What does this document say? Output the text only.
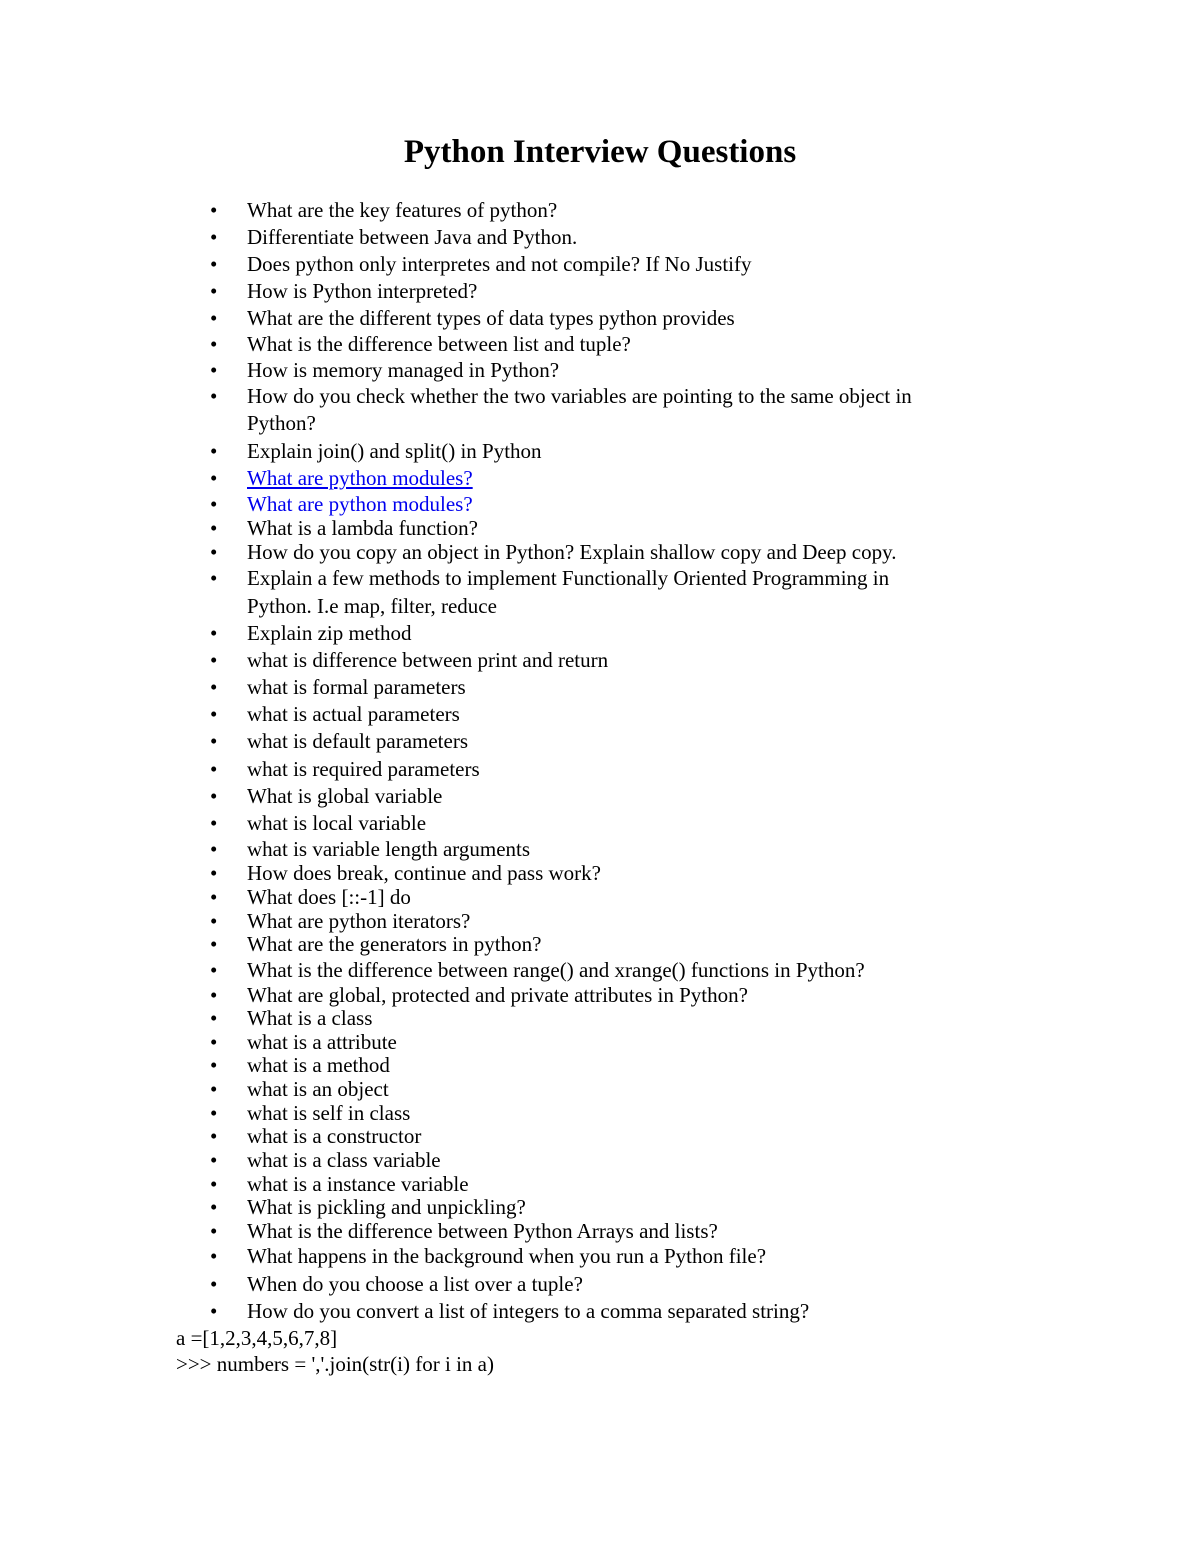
Python Interview Questions
• What are the key features of python?
• Differentiate between Java and Python.
• Does python only interpretes and not compile? If No Justify
• How is Python interpreted?
• What are the different types of data types python provides
• What is the difference between list and tuple?
• How is memory managed in Python?
• How do you check whether the two variables are pointing to the same object in
Python?
• Explain join() and split() in Python
• What are python modules?
• What are python modules?
• What is a lambda function?
• How do you copy an object in Python? Explain shallow copy and Deep copy.
• Explain a few methods to implement Functionally Oriented Programming in
Python. I.e map, filter, reduce
• Explain zip method
• what is difference between print and return
• what is formal parameters
• what is actual parameters
• what is default parameters
• what is required parameters
• What is global variable
• what is local variable
• what is variable length arguments
• How does break, continue and pass work?
• What does [::-1] do
• What are python iterators?
• What are the generators in python?
• What is the difference between range() and xrange() functions in Python?
• What are global, protected and private attributes in Python?
• What is a class
• what is a attribute
• what is a method
• what is an object
• what is self in class
• what is a constructor
• what is a class variable
• what is a instance variable
• What is pickling and unpickling?
• What is the difference between Python Arrays and lists?
• What happens in the background when you run a Python file?
• When do you choose a list over a tuple?
• How do you convert a list of integers to a comma separated string?
a =[1,2,3,4,5,6,7,8]
>>> numbers = ','.join(str(i) for i in a)
